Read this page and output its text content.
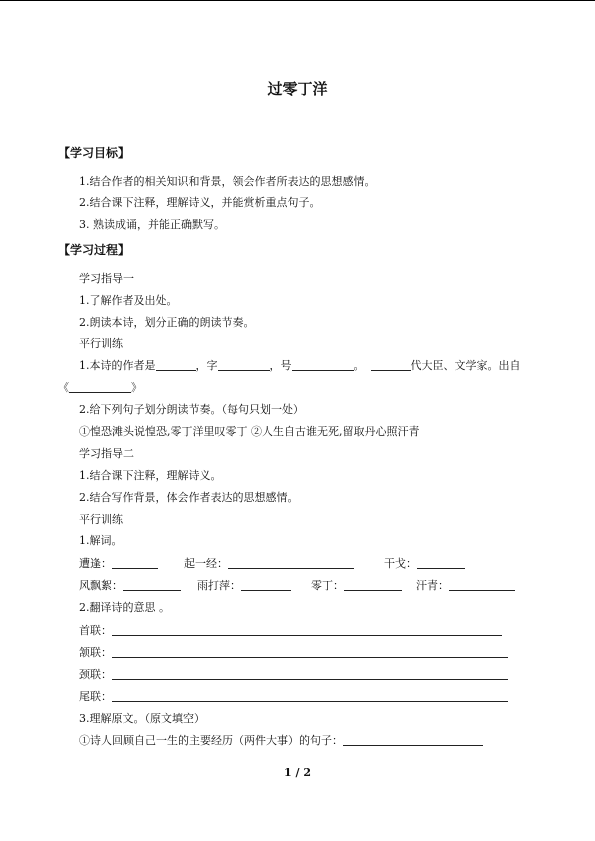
过零丁洋
【学习目标】
1.结合作者的相关知识和背景，领会作者所表达的思想感情。
2.结合课下注释，理解诗义，并能赏析重点句子。
3. 熟读成诵，并能正确默写。
【学习过程】
学习指导一
1.了解作者及出处。
2.朗读本诗，划分正确的朗读节奏。
平行训练
1.本诗的作者是	，字	，号	。	代大臣、文学家。出自
《	》
2.给下列句子划分朗读节奏。（每句只划一处）
①惶恐滩头说惶恐,零丁洋里叹零丁 ②人生自古谁无死,留取丹心照汗青
学习指导二
1.结合课下注释，理解诗义。
2.结合写作背景，体会作者表达的思想感情。
平行训练
1.解词。
遭逢：	起一经：	干戈：
风飘絮：	雨打萍：	零丁：	汗青：
2.翻译诗的意思 。
首联：
颔联：
颈联：
尾联：
3.理解原文。（原文填空）
①诗人回顾自己一生的主要经历（两件大事）的句子：
1 / 2
